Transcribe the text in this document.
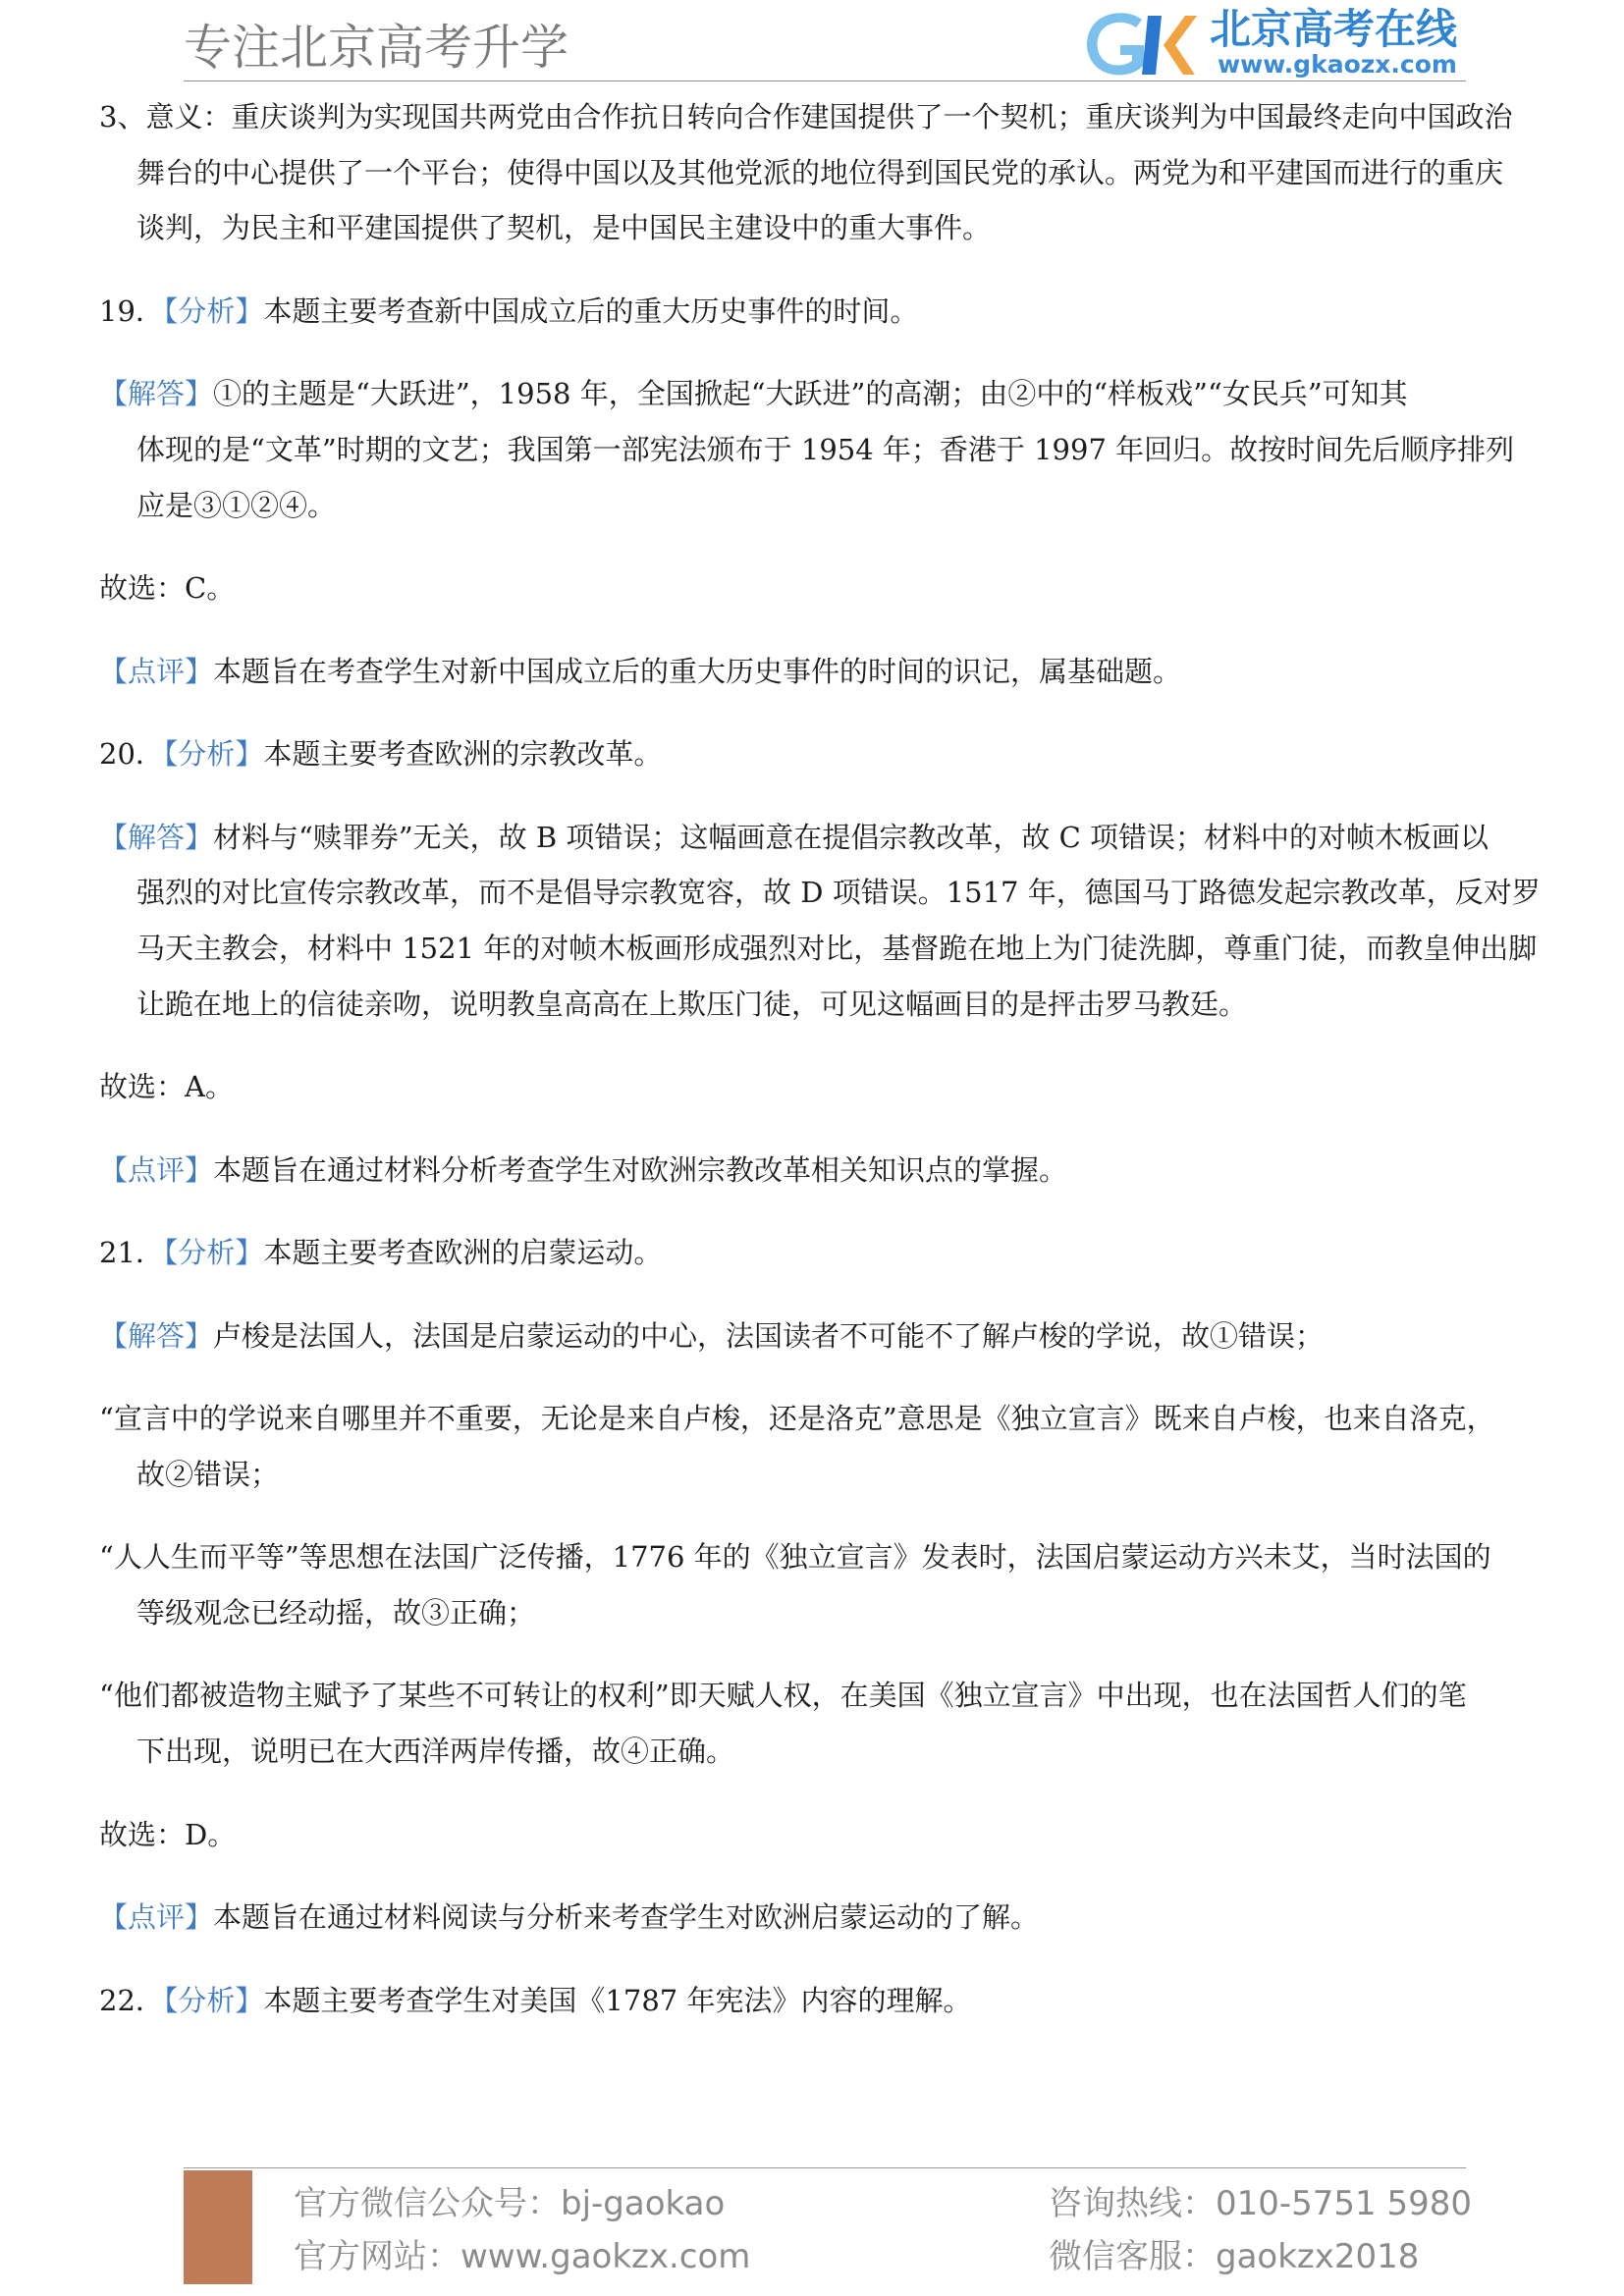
专注北京高考升学	北京高考在线
www.gkaozx.com
3、意义：重庆谈判为实现国共两党由合作抗日转向合作建国提供了一个契机；重庆谈判为中国最终走向中国政治
舞台的中心提供了一个平台；使得中国以及其他党派的地位得到国民党的承认。两党为和平建国而进行的重庆
谈判，为民主和平建国提供了契机，是中国民主建设中的重大事件。
19．【分析】本题主要考查新中国成立后的重大历史事件的时间。
【解答】①的主题是“大跃进”，1958 年，全国掀起“大跃进”的高潮；由②中的“样板戏”“女民兵”可知其
体现的是“文革”时期的文艺；我国第一部宪法颁布于 1954 年；香港于 1997 年回归。故按时间先后顺序排列
应是③①②④。
故选：C。
【点评】本题旨在考查学生对新中国成立后的重大历史事件的时间的识记，属基础题。
20．【分析】本题主要考查欧洲的宗教改革。
【解答】材料与“赎罪券”无关，故 B 项错误；这幅画意在提倡宗教改革，故 C 项错误；材料中的对帧木板画以
强烈的对比宣传宗教改革，而不是倡导宗教宽容，故 D 项错误。1517 年，德国马丁路德发起宗教改革，反对罗
马天主教会，材料中 1521 年的对帧木板画形成强烈对比，基督跪在地上为门徒洗脚，尊重门徒，而教皇伸出脚
让跪在地上的信徒亲吻，说明教皇高高在上欺压门徒，可见这幅画目的是抨击罗马教廷。
故选：A。
【点评】本题旨在通过材料分析考查学生对欧洲宗教改革相关知识点的掌握。
21．【分析】本题主要考查欧洲的启蒙运动。
【解答】卢梭是法国人，法国是启蒙运动的中心，法国读者不可能不了解卢梭的学说，故①错误；
“宣言中的学说来自哪里并不重要，无论是来自卢梭，还是洛克”意思是《独立宣言》既来自卢梭，也来自洛克，
故②错误；
“人人生而平等”等思想在法国广泛传播，1776 年的《独立宣言》发表时，法国启蒙运动方兴未艾，当时法国的
等级观念已经动摇，故③正确；
“他们都被造物主赋予了某些不可转让的权利”即天赋人权，在美国《独立宣言》中出现，也在法国哲人们的笔
下出现，说明已在大西洋两岸传播，故④正确。
故选：D。
【点评】本题旨在通过材料阅读与分析来考查学生对欧洲启蒙运动的了解。
22．【分析】本题主要考查学生对美国《1787 年宪法》内容的理解。
官方微信公众号：bj-gaokao
官方网站：www.gaokzx.com
咨询热线：010-5751 5980
微信客服：gaokzx2018
